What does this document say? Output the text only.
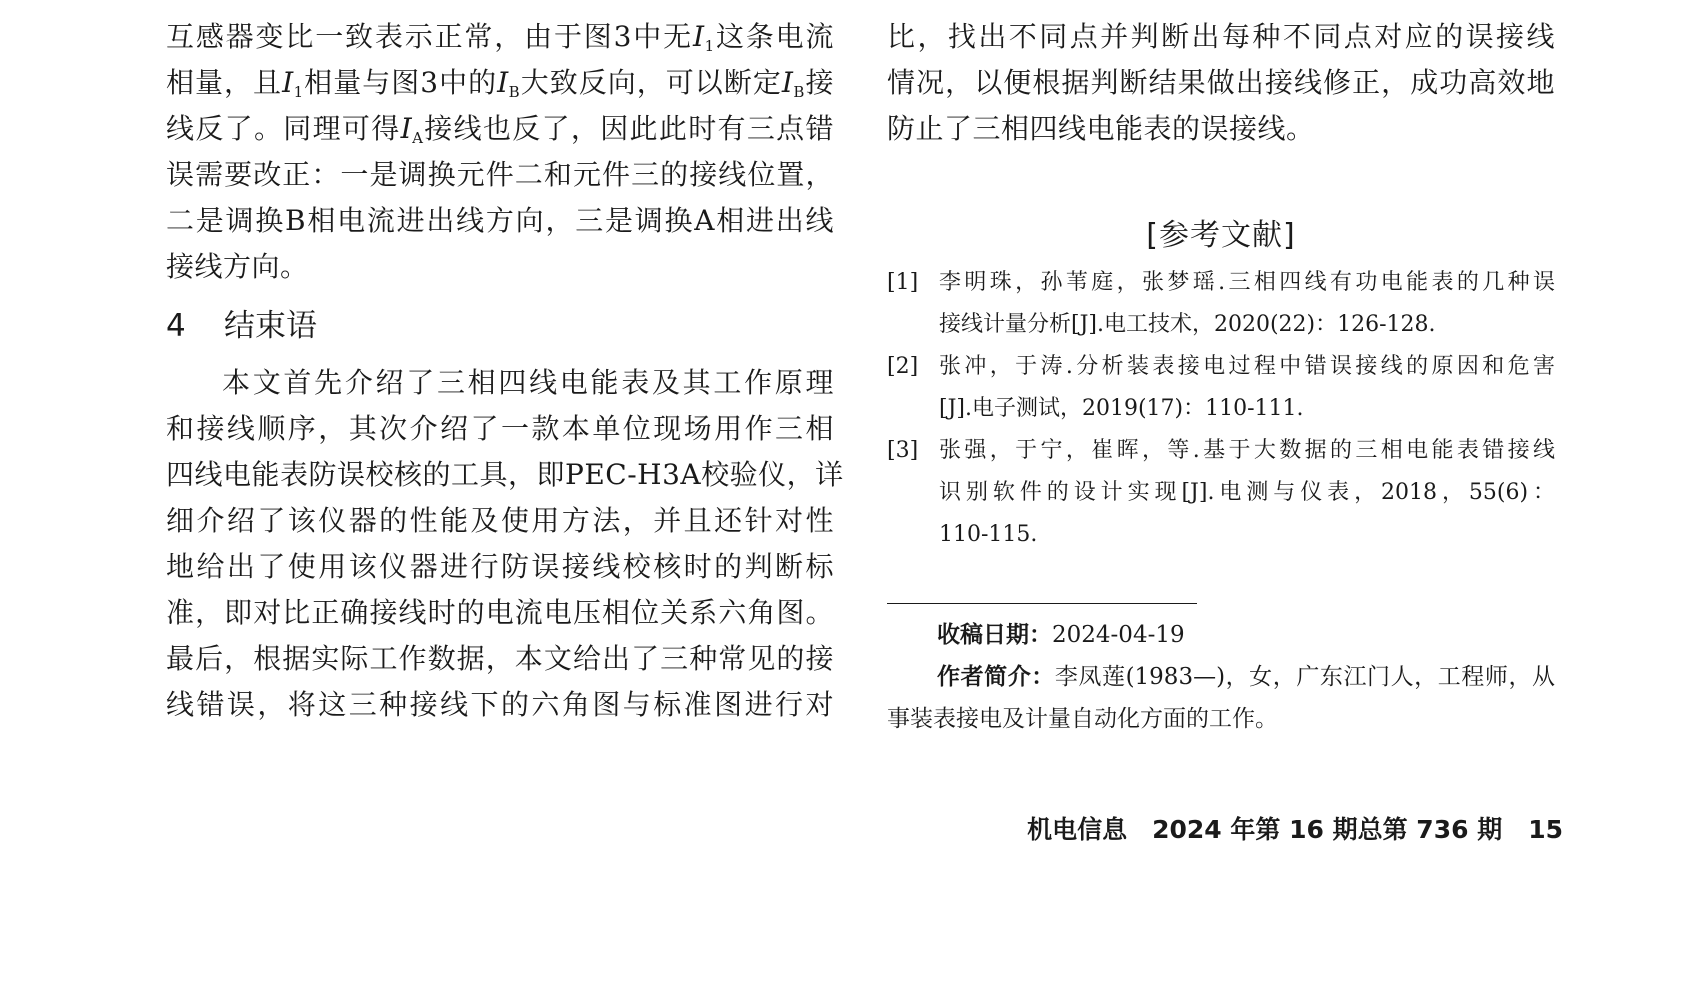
互感器变比一致表示正常，由于图3中无$I_1$这条电流
相量，且$I_1$相量与图3中的$I_B$大致反向，可以断定$I_B$接
线反了。同理可得$I_A$接线也反了，因此此时有三点错
误需要改正：一是调换元件二和元件三的接线位置，
二是调换B相电流进出线方向，三是调换A相进出线
接线方向。
4 结束语
本文首先介绍了三相四线电能表及其工作原理
和接线顺序，其次介绍了一款本单位现场用作三相
四线电能表防误校核的工具，即PEC-H3A校验仪，详
细介绍了该仪器的性能及使用方法，并且还针对性
地给出了使用该仪器进行防误接线校核时的判断标
准，即对比正确接线时的电流电压相位关系六角图。
最后，根据实际工作数据，本文给出了三种常见的接
线错误，将这三种接线下的六角图与标准图进行对
比，找出不同点并判断出每种不同点对应的误接线
情况，以便根据判断结果做出接线修正，成功高效地
防止了三相四线电能表的误接线。
[参考文献]
[1] 李明珠，孙苇庭，张梦瑶.三相四线有功电能表的几种误
接线计量分析[J].电工技术，2020(22)：126-128.
[2] 张冲，于涛.分析装表接电过程中错误接线的原因和危害
[J].电子测试，2019(17)：110-111.
[3] 张强，于宁，崔晖，等.基于大数据的三相电能表错接线
识别软件的设计实现[J].电测与仪表，2018，55(6)：
110-115.
收稿日期：2024-04-19
作者简介：李凤莲(1983—)，女，广东江门人，工程师，从
事装表接电及计量自动化方面的工作。
机电信息　2024 年第 16 期总第 736 期 15
